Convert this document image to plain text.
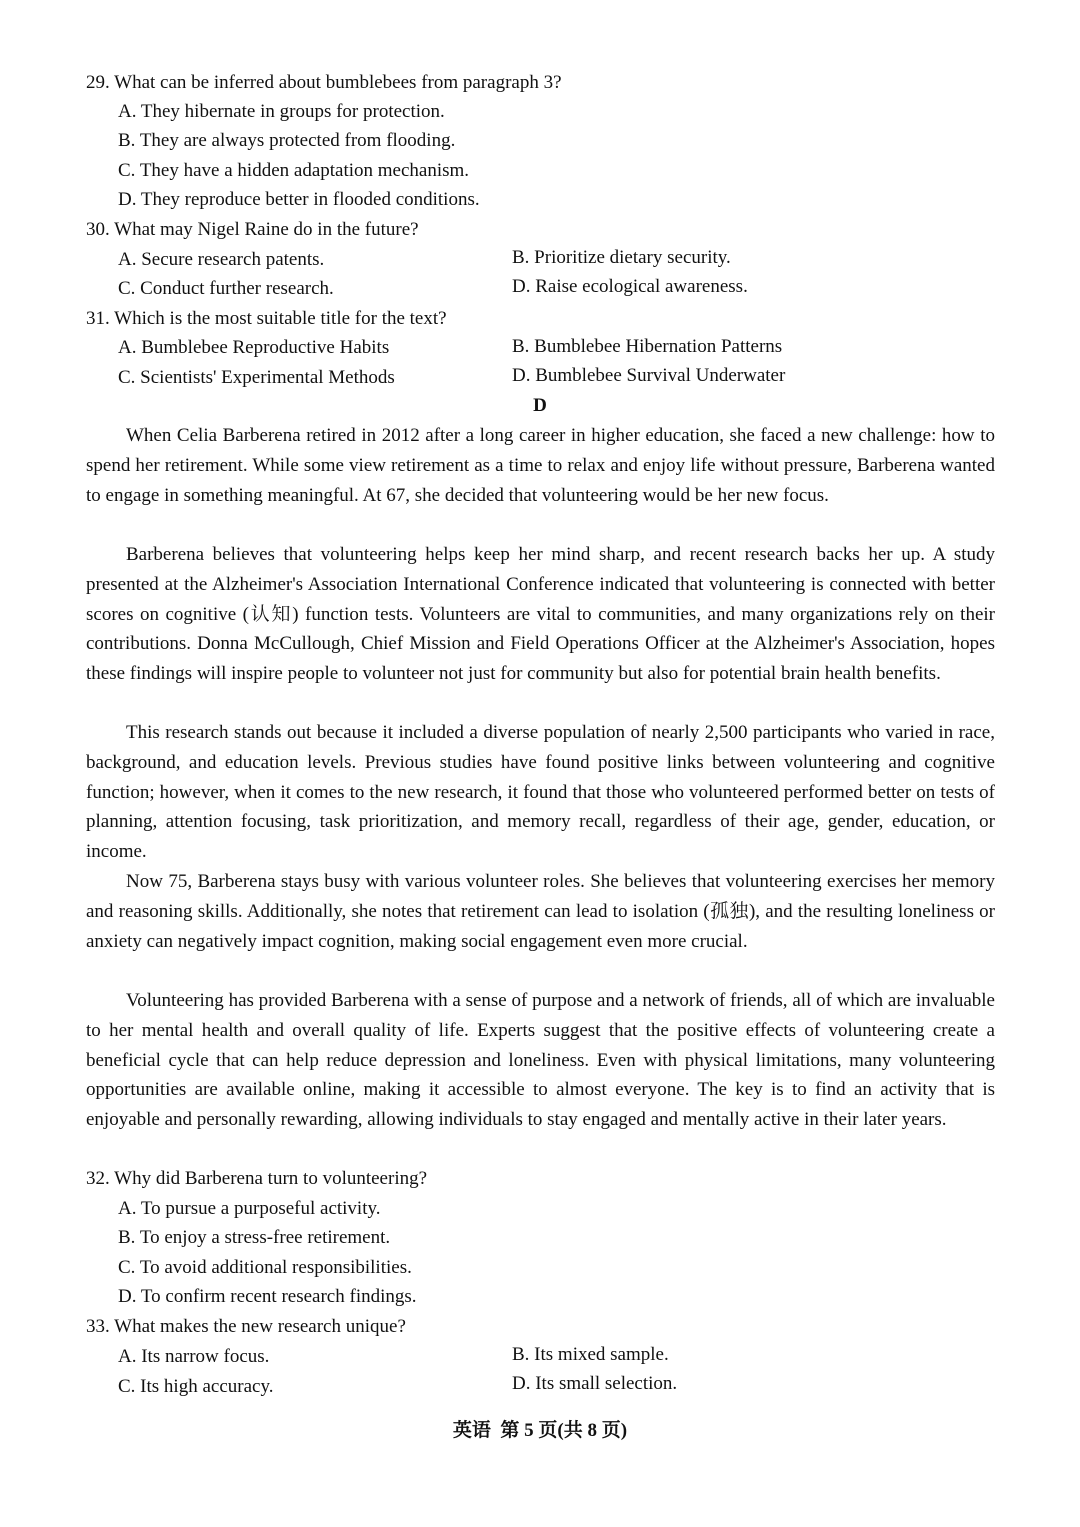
29. What can be inferred about bumblebees from paragraph 3?
A. They hibernate in groups for protection.
B. They are always protected from flooding.
C. They have a hidden adaptation mechanism.
D. They reproduce better in flooded conditions.
30. What may Nigel Raine do in the future?
A. Secure research patents.	B. Prioritize dietary security.
C. Conduct further research.	D. Raise ecological awareness.
31. Which is the most suitable title for the text?
A. Bumblebee Reproductive Habits	B. Bumblebee Hibernation Patterns
C. Scientists' Experimental Methods	D. Bumblebee Survival Underwater
D

When Celia Barberena retired in 2012 after a long career in higher education, she faced a new challenge: how to spend her retirement. While some view retirement as a time to relax and enjoy life without pressure, Barberena wanted to engage in something meaningful. At 67, she decided that volunteering would be her new focus.

Barberena believes that volunteering helps keep her mind sharp, and recent research backs her up. A study presented at the Alzheimer's Association International Conference indicated that volunteering is connected with better scores on cognitive (认知) function tests. Volunteers are vital to communities, and many organizations rely on their contributions. Donna McCullough, Chief Mission and Field Operations Officer at the Alzheimer's Association, hopes these findings will inspire people to volunteer not just for community but also for potential brain health benefits.

This research stands out because it included a diverse population of nearly 2,500 participants who varied in race, background, and education levels. Previous studies have found positive links between volunteering and cognitive function; however, when it comes to the new research, it found that those who volunteered performed better on tests of planning, attention focusing, task prioritization, and memory recall, regardless of their age, gender, education, or income.

Now 75, Barberena stays busy with various volunteer roles. She believes that volunteering exercises her memory and reasoning skills. Additionally, she notes that retirement can lead to isolation (孤独), and the resulting loneliness or anxiety can negatively impact cognition, making social engagement even more crucial.

Volunteering has provided Barberena with a sense of purpose and a network of friends, all of which are invaluable to her mental health and overall quality of life. Experts suggest that the positive effects of volunteering create a beneficial cycle that can help reduce depression and loneliness. Even with physical limitations, many volunteering opportunities are available online, making it accessible to almost everyone. The key is to find an activity that is enjoyable and personally rewarding, allowing individuals to stay engaged and mentally active in their later years.

32. Why did Barberena turn to volunteering?
A. To pursue a purposeful activity.
B. To enjoy a stress-free retirement.
C. To avoid additional responsibilities.
D. To confirm recent research findings.
33. What makes the new research unique?
A. Its narrow focus.	B. Its mixed sample.
C. Its high accuracy.	D. Its small selection.
英语  第 5 页(共 8 页)
